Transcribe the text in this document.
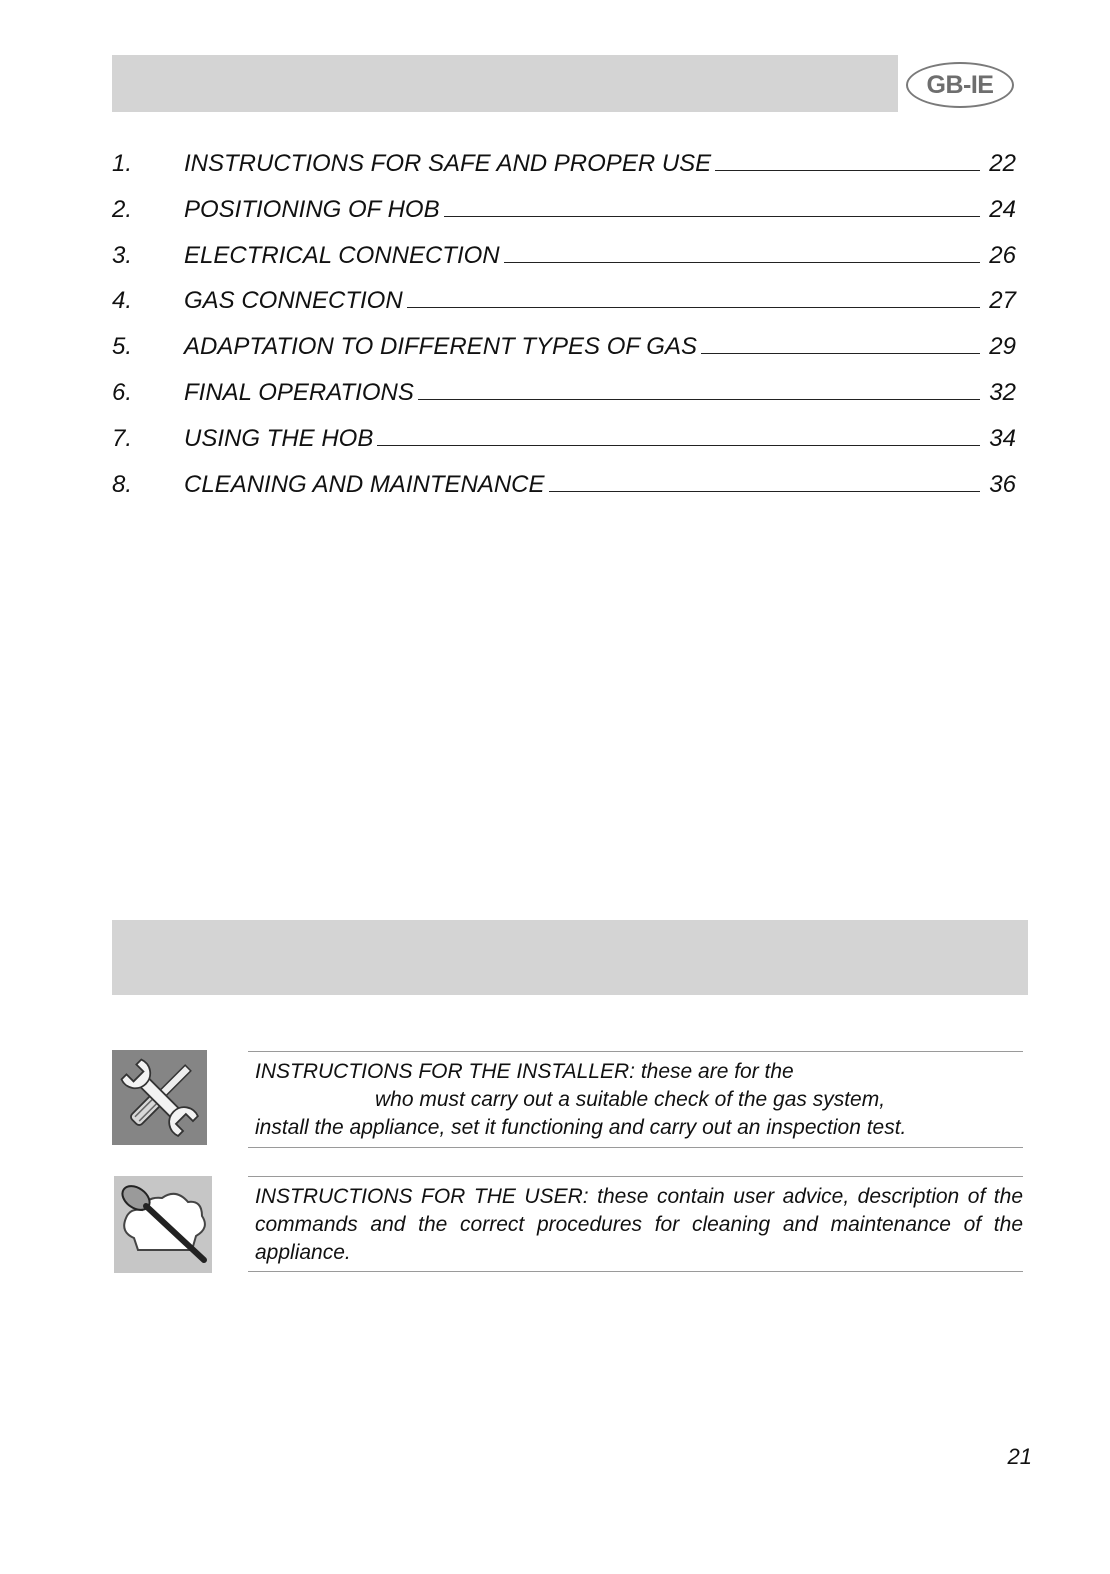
GB-IE
1.	INSTRUCTIONS FOR SAFE AND PROPER USE	22
2.	POSITIONING OF HOB	24
3.	ELECTRICAL CONNECTION	26
4.	GAS CONNECTION	27
5.	ADAPTATION TO DIFFERENT TYPES OF GAS	29
6.	FINAL OPERATIONS	32
7.	USING THE HOB	34
8.	CLEANING AND MAINTENANCE	36
INSTRUCTIONS FOR THE INSTALLER: these are for the
who must carry out a suitable check of the gas system,
install the appliance, set it functioning and carry out an inspection test.
INSTRUCTIONS FOR THE USER: these contain user advice, description of the commands and the correct procedures for cleaning and maintenance of the appliance.
21
